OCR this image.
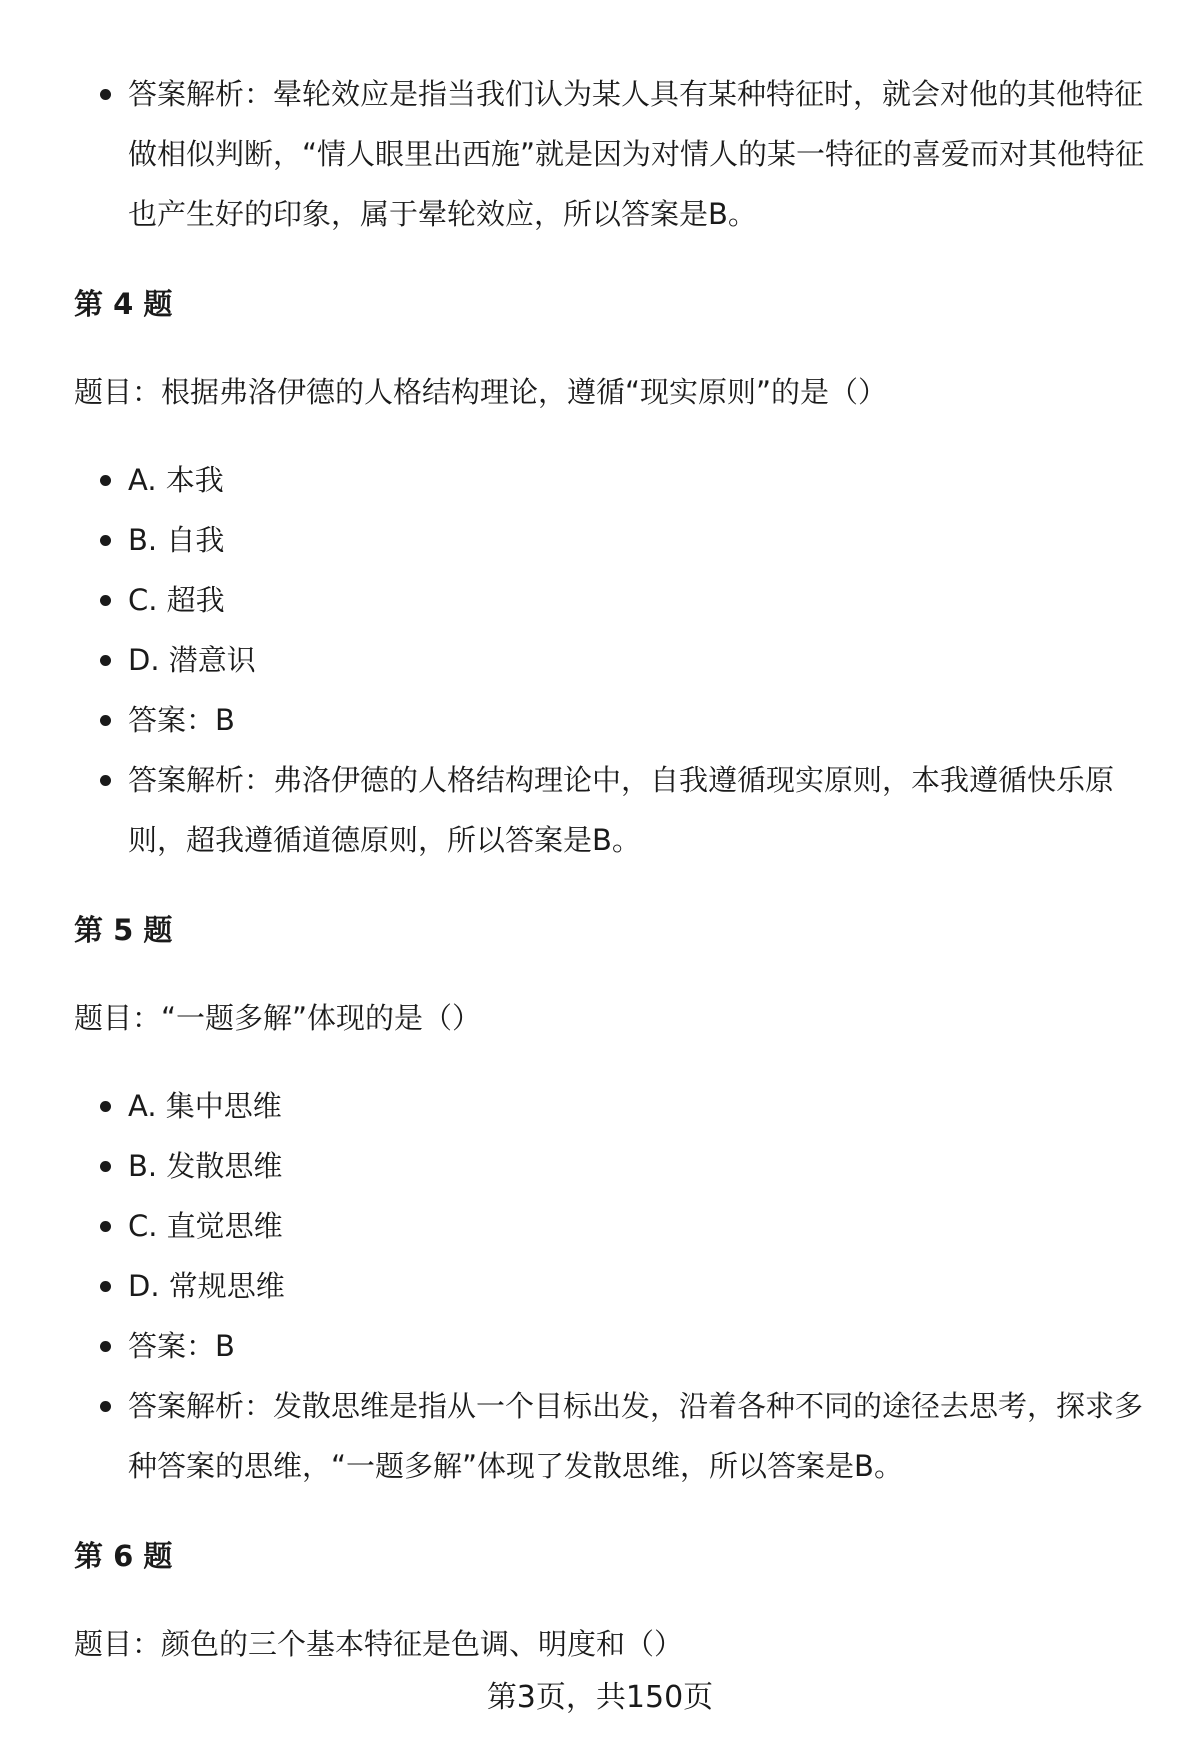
答案解析：晕轮效应是指当我们认为某人具有某种特征时，就会对他的其他特征做相似判断，“情人眼里出西施”就是因为对情人的某一特征的喜爱而对其他特征也产生好的印象，属于晕轮效应，所以答案是B。
第 4 题
题目：根据弗洛伊德的人格结构理论，遵循“现实原则”的是（）
A. 本我
B. 自我
C. 超我
D. 潜意识
答案：B
答案解析：弗洛伊德的人格结构理论中，自我遵循现实原则，本我遵循快乐原则，超我遵循道德原则，所以答案是B。
第 5 题
题目：“一题多解”体现的是（）
A. 集中思维
B. 发散思维
C. 直觉思维
D. 常规思维
答案：B
答案解析：发散思维是指从一个目标出发，沿着各种不同的途径去思考，探求多种答案的思维，“一题多解”体现了发散思维，所以答案是B。
第 6 题
题目：颜色的三个基本特征是色调、明度和（）
第3页，共150页
